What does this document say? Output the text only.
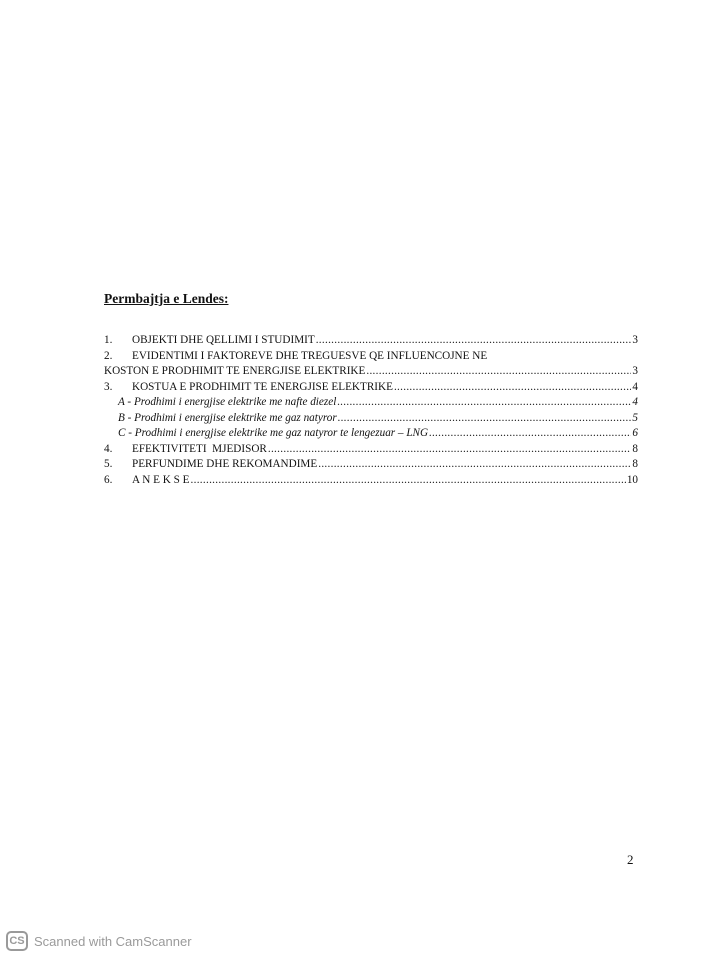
Permbajtja e Lendes:
1.	OBJEKTI DHE QELLIMI I STUDIMIT .....	3
2.	EVIDENTIMI I FAKTOREVE DHE TREGUESVE QE INFLUENCOJNE NE
KOSTON E PRODHIMIT TE ENERGJISE ELEKTRIKE .....	3
3.	KOSTUA E PRODHIMIT TE ENERGJISE ELEKTRIKE .....	4
A - Prodhimi i energjise elektrike me nafte diezel .....	4
B - Prodhimi i energjise elektrike me gaz natyror .....	5
C - Prodhimi i energjise elektrike me gaz natyror te lengezuar – LNG .....	6
4.	EFEKTIVITETI  MJEDISOR .....	8
5.	PERFUNDIME DHE REKOMANDIME .....	8
6.	A N E K S E .....	10
2
CS Scanned with CamScanner
